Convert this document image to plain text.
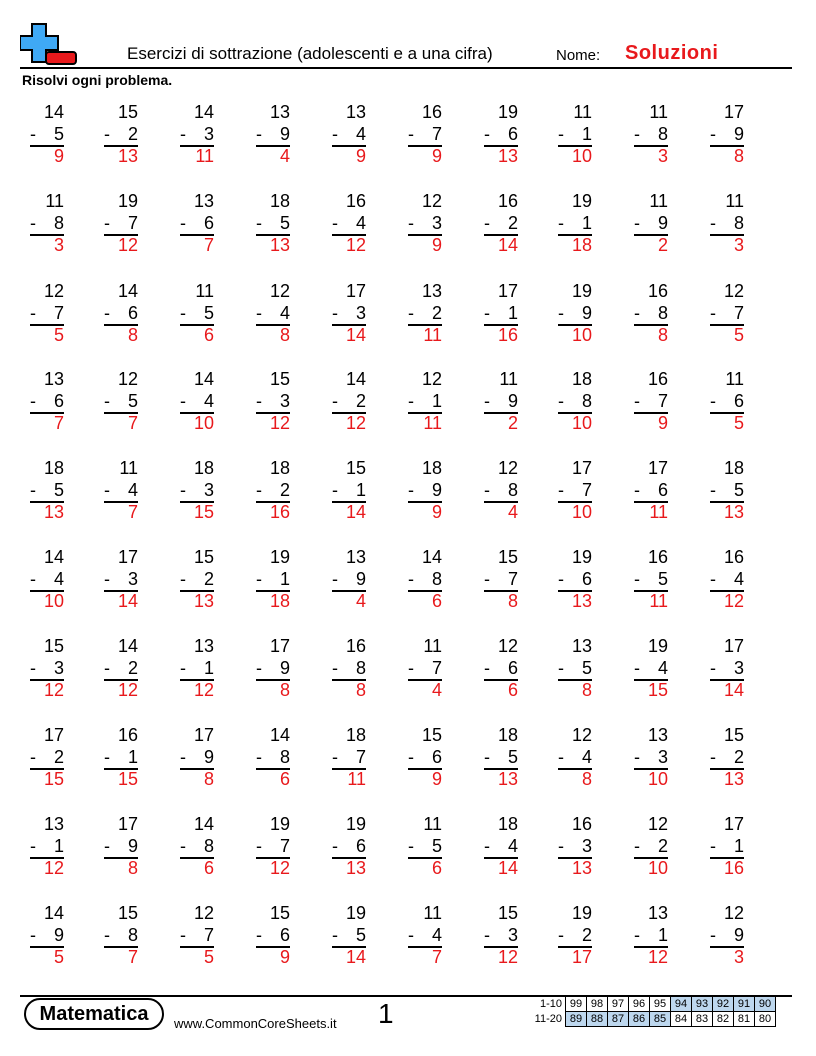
Esercizi di sottrazione (adolescenti e a una cifra)	Nome: Soluzioni
Risolvi ogni problema.
14
- 5
9
15
- 2
13
14
- 3
11
13
- 9
4
13
- 4
9
16
- 7
9
19
- 6
13
11
- 1
10
11
- 8
3
17
- 9
8
11
- 8
3
19
- 7
12
13
- 6
7
18
- 5
13
16
- 4
12
12
- 3
9
16
- 2
14
19
- 1
18
11
- 9
2
11
- 8
3
12
- 7
5
14
- 6
8
11
- 5
6
12
- 4
8
17
- 3
14
13
- 2
11
17
- 1
16
19
- 9
10
16
- 8
8
12
- 7
5
13
- 6
7
12
- 5
7
14
- 4
10
15
- 3
12
14
- 2
12
12
- 1
11
11
- 9
2
18
- 8
10
16
- 7
9
11
- 6
5
18
- 5
13
11
- 4
7
18
- 3
15
18
- 2
16
15
- 1
14
18
- 9
9
12
- 8
4
17
- 7
10
17
- 6
11
18
- 5
13
14
- 4
10
17
- 3
14
15
- 2
13
19
- 1
18
13
- 9
4
14
- 8
6
15
- 7
8
19
- 6
13
16
- 5
11
16
- 4
12
15
- 3
12
14
- 2
12
13
- 1
12
17
- 9
8
16
- 8
8
11
- 7
4
12
- 6
6
13
- 5
8
19
- 4
15
17
- 3
14
17
- 2
15
16
- 1
15
17
- 9
8
14
- 8
6
18
- 7
11
15
- 6
9
18
- 5
13
12
- 4
8
13
- 3
10
15
- 2
13
13
- 1
12
17
- 9
8
14
- 8
6
19
- 7
12
19
- 6
13
11
- 5
6
18
- 4
14
16
- 3
13
12
- 2
10
17
- 1
16
14
- 9
5
15
- 8
7
12
- 7
5
15
- 6
9
19
- 5
14
11
- 4
7
15
- 3
12
19
- 2
17
13
- 1
12
12
- 9
3
Matematica	www.CommonCoreSheets.it 1	1-10	99	98	97	96	95	94	93	92	91	90
11-20	89	88	87	86	85	84	83	82	81	80
